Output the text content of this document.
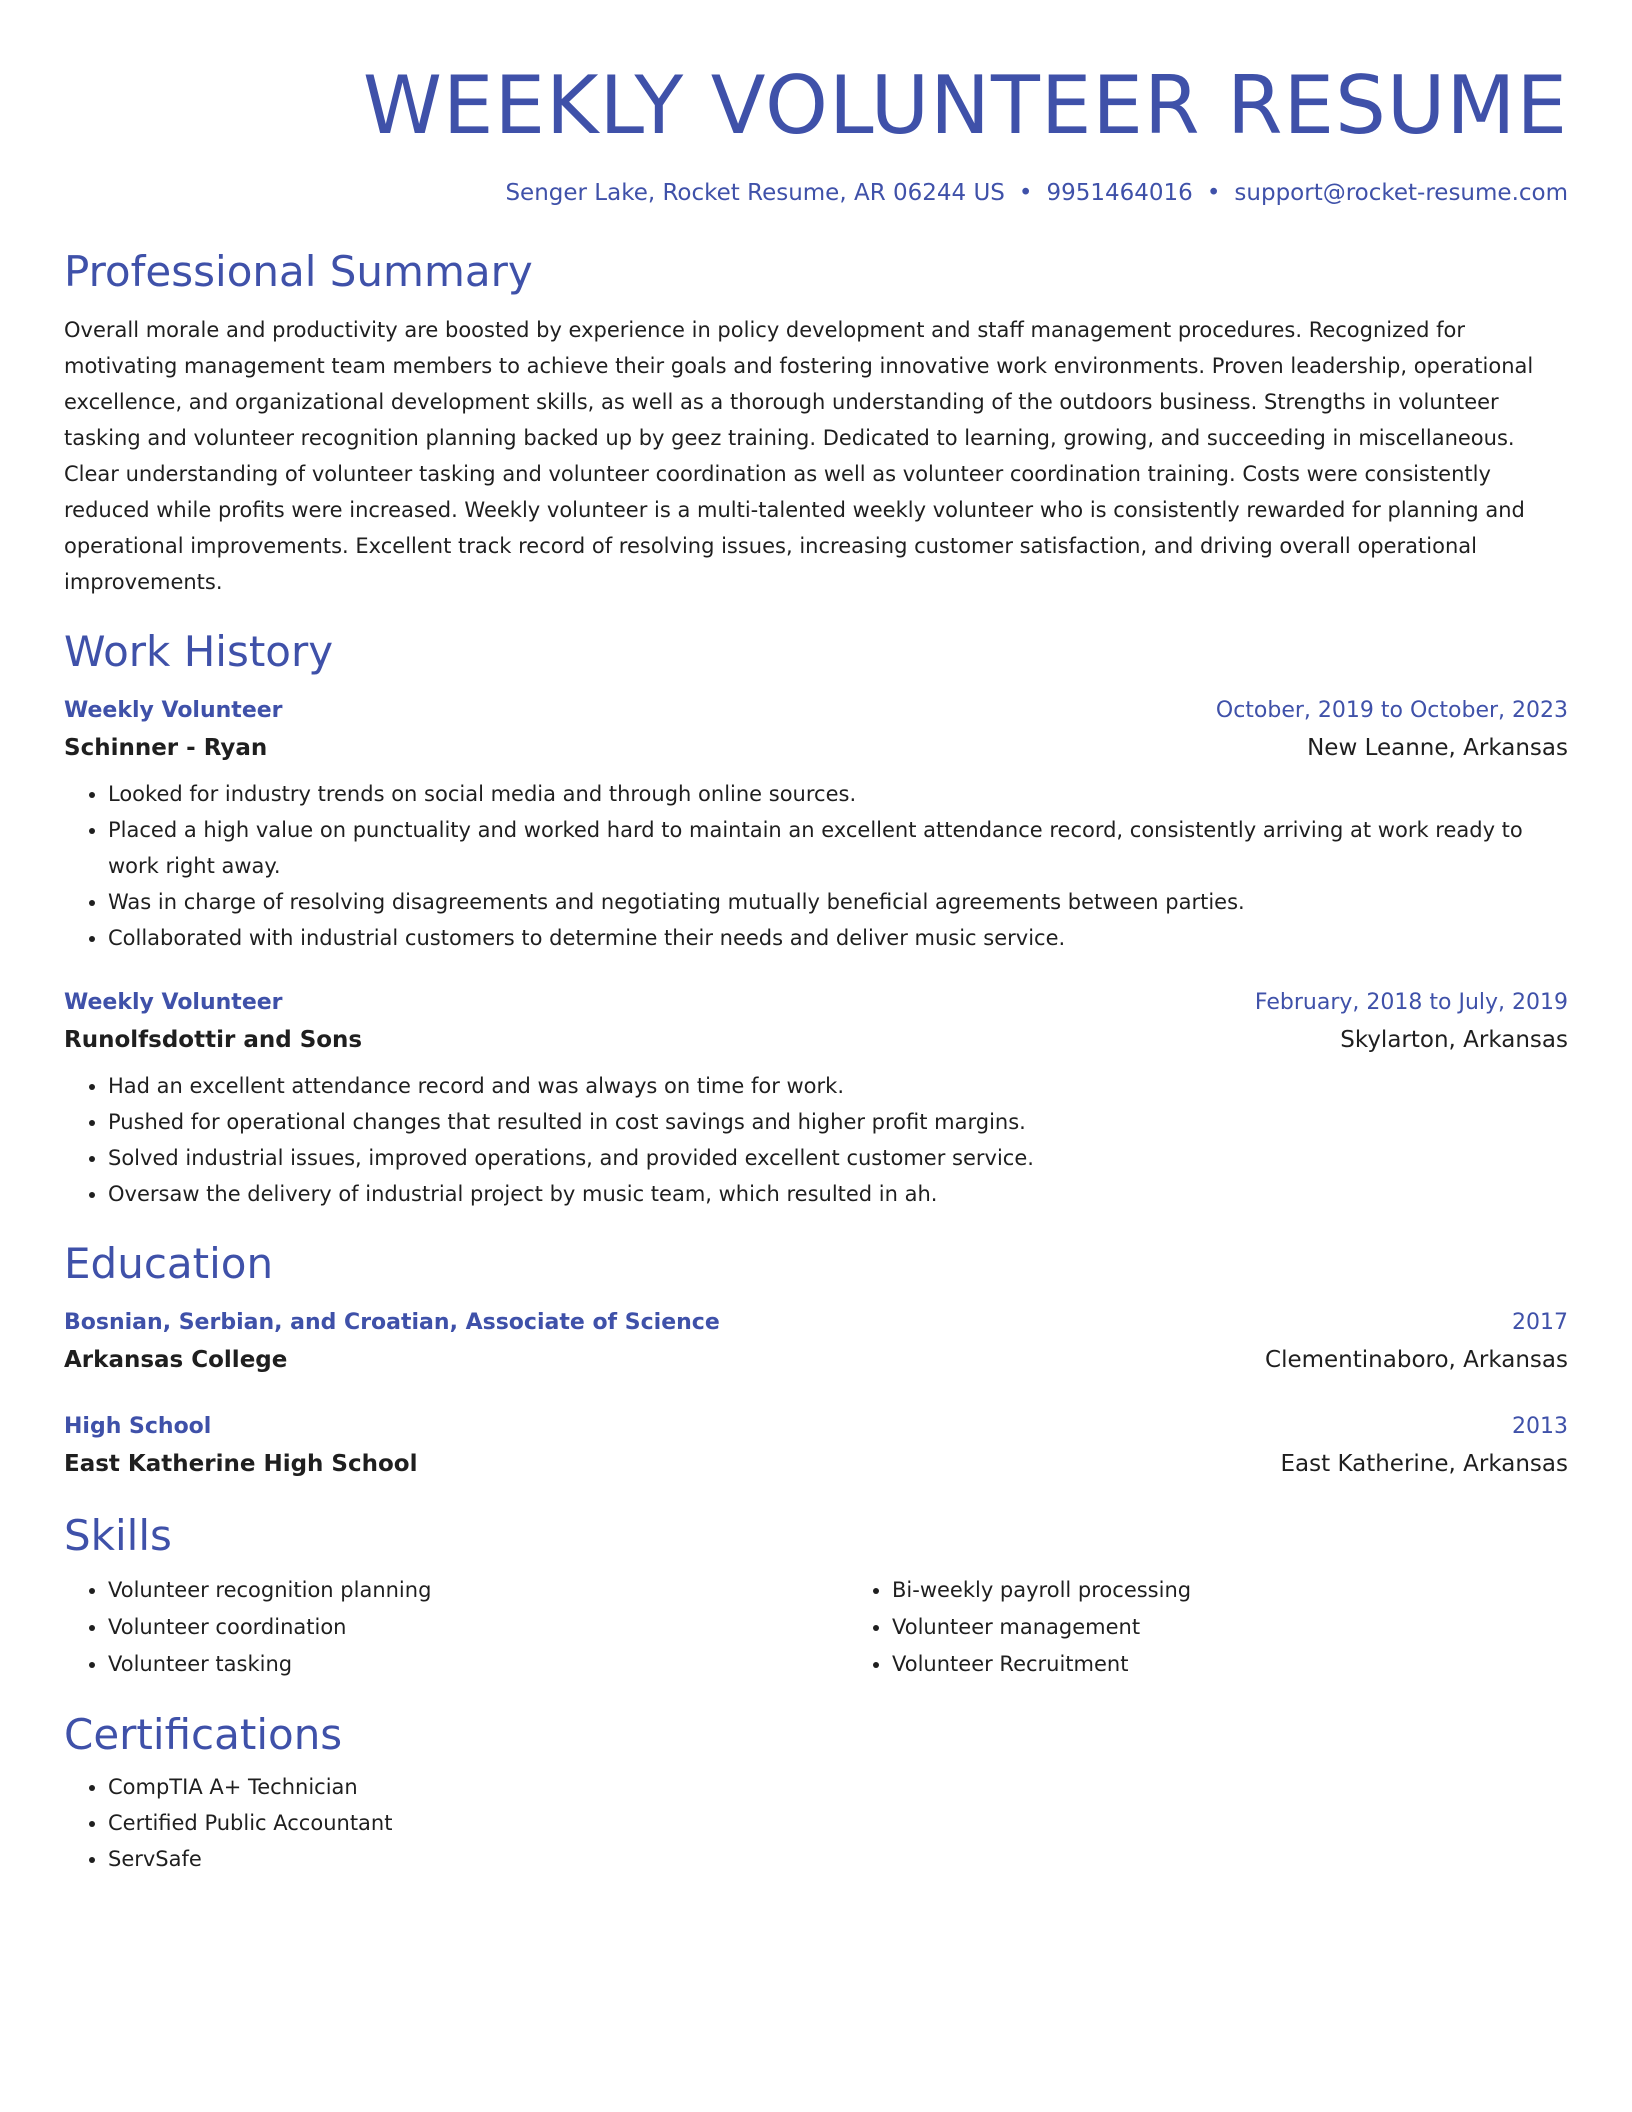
WEEKLY VOLUNTEER RESUME
Senger Lake, Rocket Resume, AR 06244 US • 9951464016 • support@rocket-resume.com
Professional Summary
Overall morale and productivity are boosted by experience in policy development and staff management procedures. Recognized for motivating management team members to achieve their goals and fostering innovative work environments. Proven leadership, operational excellence, and organizational development skills, as well as a thorough understanding of the outdoors business. Strengths in volunteer tasking and volunteer recognition planning backed up by geez training. Dedicated to learning, growing, and succeeding in miscellaneous. Clear understanding of volunteer tasking and volunteer coordination as well as volunteer coordination training. Costs were consistently reduced while profits were increased. Weekly volunteer is a multi-talented weekly volunteer who is consistently rewarded for planning and operational improvements. Excellent track record of resolving issues, increasing customer satisfaction, and driving overall operational improvements.
Work History
Weekly Volunteer	October, 2019 to October, 2023
Schinner - Ryan	New Leanne, Arkansas
• Looked for industry trends on social media and through online sources.
• Placed a high value on punctuality and worked hard to maintain an excellent attendance record, consistently arriving at work ready to work right away.
• Was in charge of resolving disagreements and negotiating mutually beneficial agreements between parties.
• Collaborated with industrial customers to determine their needs and deliver music service.
Weekly Volunteer	February, 2018 to July, 2019
Runolfsdottir and Sons	Skylarton, Arkansas
• Had an excellent attendance record and was always on time for work.
• Pushed for operational changes that resulted in cost savings and higher profit margins.
• Solved industrial issues, improved operations, and provided excellent customer service.
• Oversaw the delivery of industrial project by music team, which resulted in ah.
Education
Bosnian, Serbian, and Croatian, Associate of Science	2017
Arkansas College	Clementinaboro, Arkansas
High School	2013
East Katherine High School	East Katherine, Arkansas
Skills
• Volunteer recognition planning
• Volunteer coordination
• Volunteer tasking
• Bi-weekly payroll processing
• Volunteer management
• Volunteer Recruitment
Certifications
• CompTIA A+ Technician
• Certified Public Accountant
• ServSafe
